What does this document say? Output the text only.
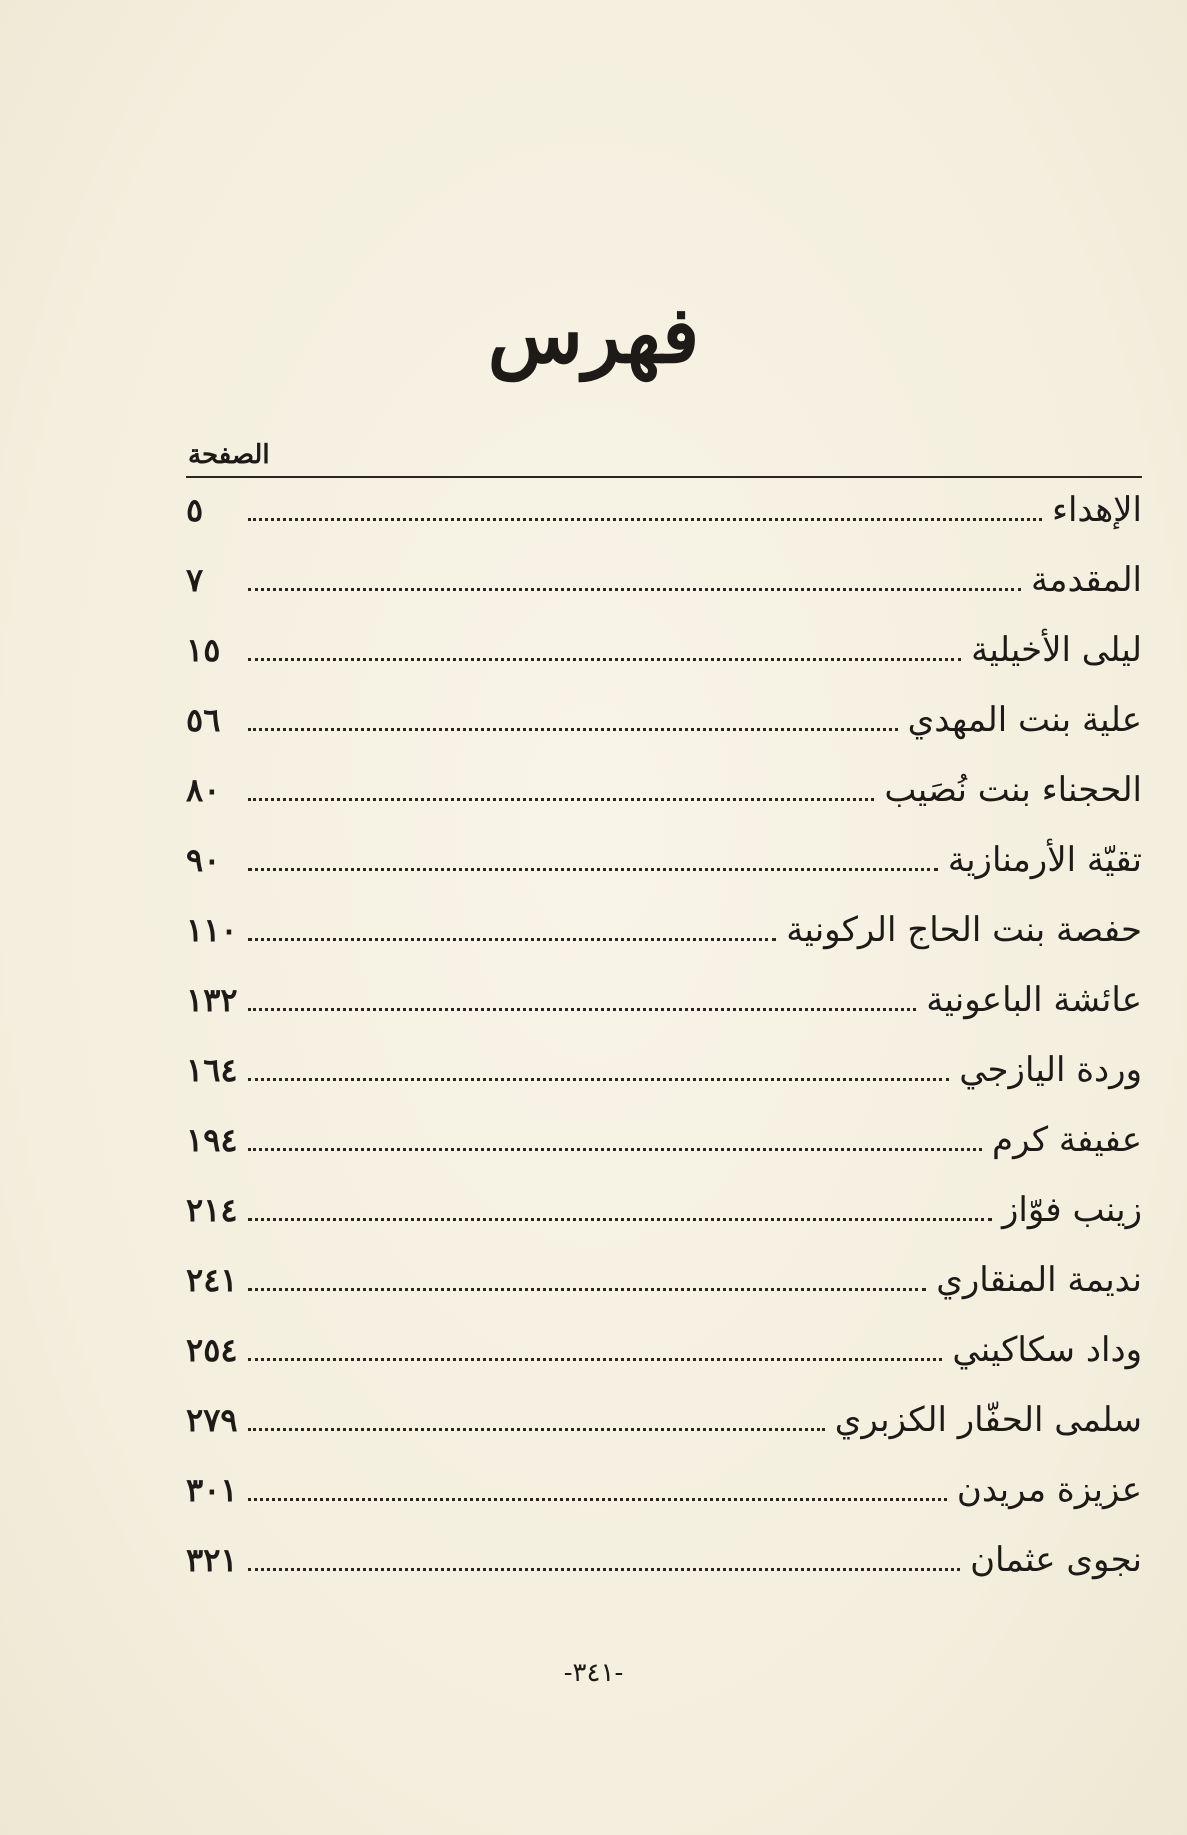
فهرس
الصفحة
الإهداء
٥
المقدمة
٧
ليلى الأخيلية
١٥
علية بنت المهدي
٥٦
الحجناء بنت نُصَيب
٨٠
تقيّة الأرمنازية
٩٠
حفصة بنت الحاج الركونية
١١٠
عائشة الباعونية
١٣٢
وردة اليازجي
١٦٤
عفيفة كرم
١٩٤
زينب فوّاز
٢١٤
نديمة المنقاري
٢٤١
وداد سكاكيني
٢٥٤
سلمى الحفّار الكزبري
٢٧٩
عزيزة مريدن
٣٠١
نجوى عثمان
٣٢١
-٣٤١-
